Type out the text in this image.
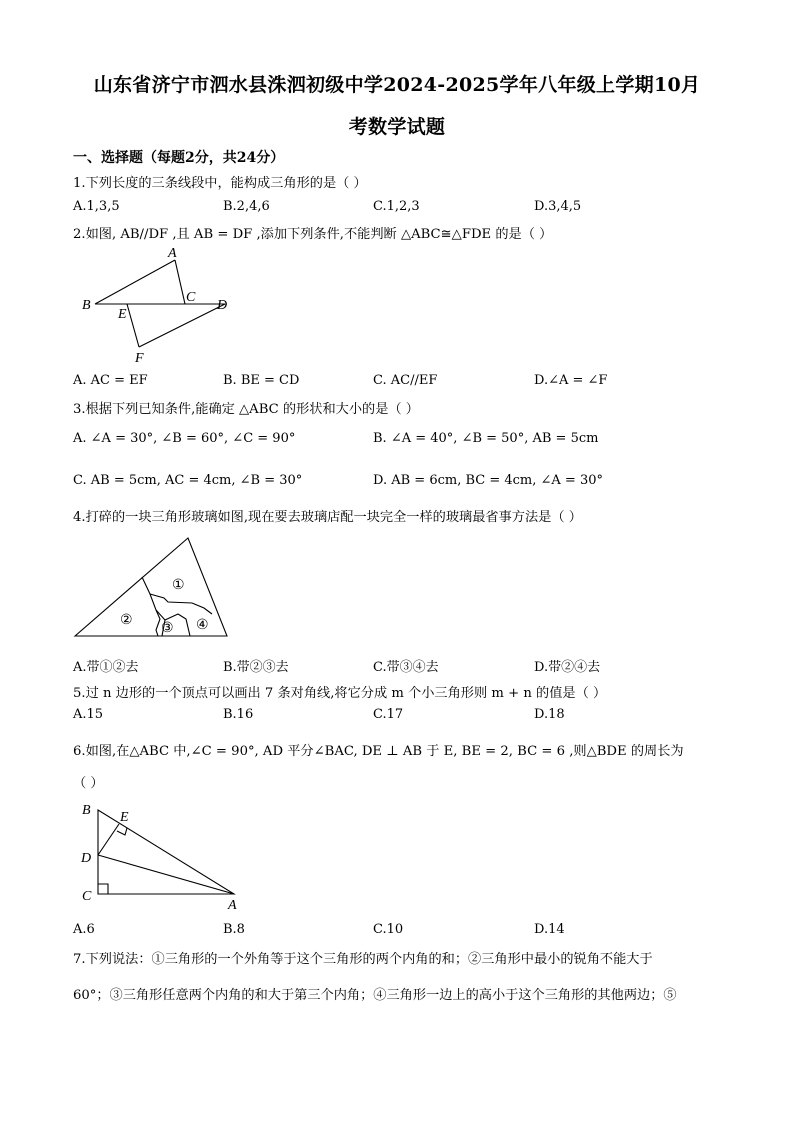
山东省济宁市泗水县洙泗初级中学2024-2025学年八年级上学期10月
考数学试题
一、选择题（每题2分，共24分）
1.下列长度的三条线段中，能构成三角形的是（ ）
A.1,3,5	B.2,4,6	C.1,2,3	D.3,4,5
2.如图, AB//DF ,且 AB = DF ,添加下列条件,不能判断 △ABC≅△FDE 的是（ ）
A
B
C
D
E
F
A. AC = EF	B. BE = CD	C. AC//EF	D.∠A = ∠F
3.根据下列已知条件,能确定 △ABC 的形状和大小的是（ ）
A. ∠A = 30°, ∠B = 60°, ∠C = 90°	B. ∠A = 40°, ∠B = 50°, AB = 5cm
C. AB = 5cm, AC = 4cm, ∠B = 30°	D. AB = 6cm, BC = 4cm, ∠A = 30°
4.打碎的一块三角形玻璃如图,现在要去玻璃店配一块完全一样的玻璃最省事方法是（ ）
①
②
③ ④
A.带①②去	B.带②③去	C.带③④去	D.带②④去
5.过 n 边形的一个顶点可以画出 7 条对角线,将它分成 m 个小三角形则 m + n 的值是（ ）
A.15	B.16	C.17	D.18
6.如图,在△ABC 中,∠C = 90°, AD 平分∠BAC, DE ⊥ AB 于 E, BE = 2, BC = 6 ,则△BDE 的周长为
（ ）
B E
D
C
A
A.6	B.8	C.10	D.14
7.下列说法：①三角形的一个外角等于这个三角形的两个内角的和；②三角形中最小的锐角不能大于
60°；③三角形任意两个内角的和大于第三个内角；④三角形一边上的高小于这个三角形的其他两边；⑤
